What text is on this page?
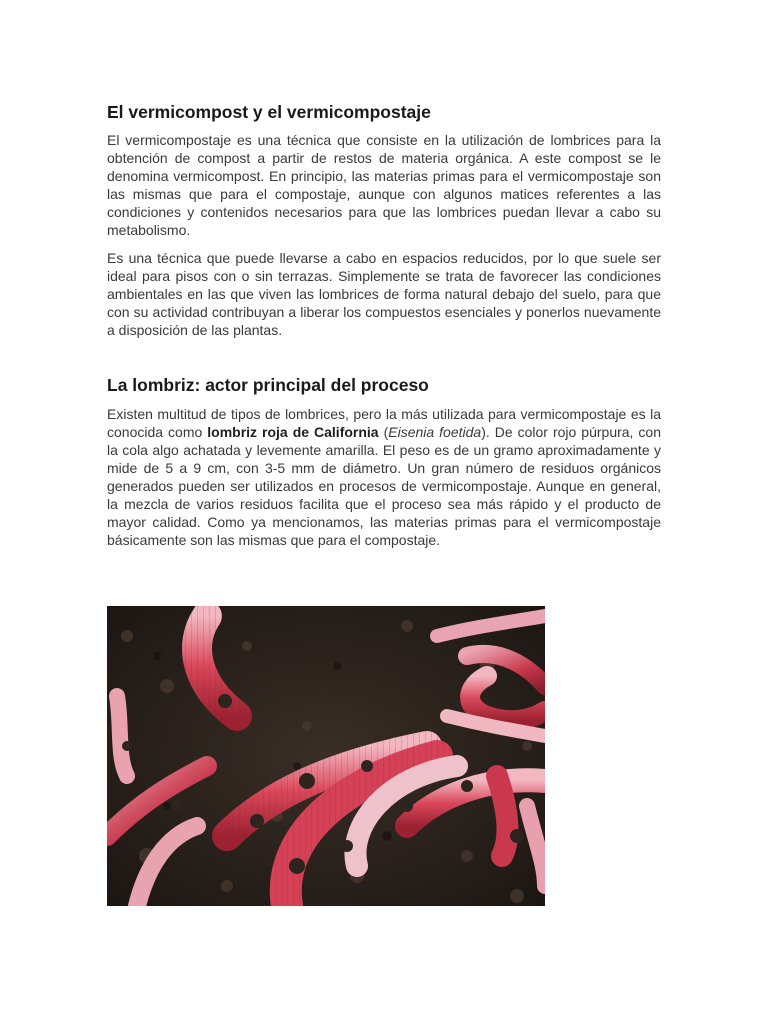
El vermicompost y el vermicompostaje

El vermicompostaje es una técnica que consiste en la utilización de lombrices para la obtención de compost a partir de restos de materia orgánica. A este compost se le denomina vermicompost. En principio, las materias primas para el vermicompostaje son las mismas que para el compostaje, aunque con algunos matices referentes a las condiciones y contenidos necesarios para que las lombrices puedan llevar a cabo su metabolismo.

Es una técnica que puede llevarse a cabo en espacios reducidos, por lo que suele ser ideal para pisos con o sin terrazas. Simplemente se trata de favorecer las condiciones ambientales en las que viven las lombrices de forma natural debajo del suelo, para que con su actividad contribuyan a liberar los compuestos esenciales y ponerlos nuevamente a disposición de las plantas.

La lombriz: actor principal del proceso

Existen multitud de tipos de lombrices, pero la más utilizada para vermicompostaje es la conocida como lombriz roja de California (Eisenia foetida). De color rojo púrpura, con la cola algo achatada y levemente amarilla. El peso es de un gramo aproximadamente y mide de 5 a 9 cm, con 3-5 mm de diámetro. Un gran número de residuos orgánicos generados pueden ser utilizados en procesos de vermicompostaje. Aunque en general, la mezcla de varios residuos facilita que el proceso sea más rápido y el producto de mayor calidad. Como ya mencionamos, las materias primas para el vermicompostaje básicamente son las mismas que para el compostaje.
